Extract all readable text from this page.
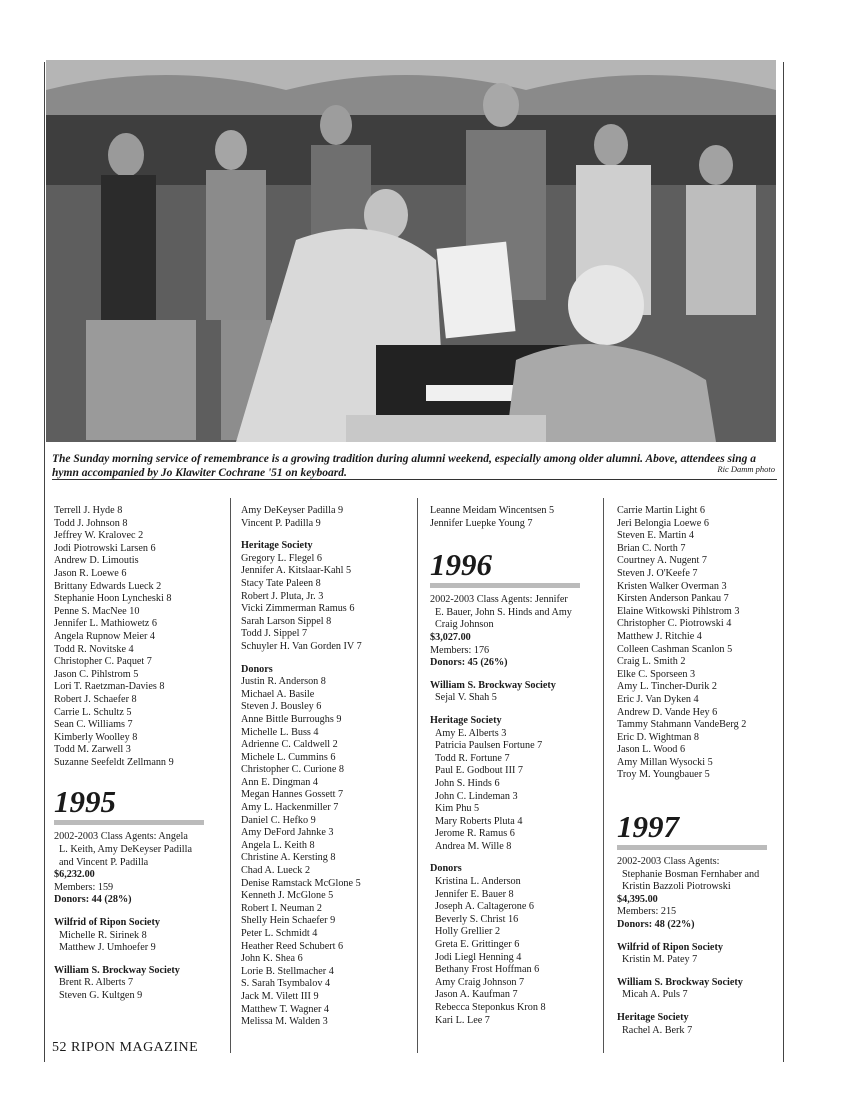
The Sunday morning service of remembrance is a growing tradition during alumni weekend, especially among older alumni. Above, attendees sing a hymn accompanied by Jo Klawiter Cochrane '51 on keyboard.	Ric Damm photo
Terrell J. Hyde 8
Todd J. Johnson 8
Jeffrey W. Kralovec 2
Jodi Piotrowski Larsen 6
Andrew D. Limoutis
Jason R. Loewe 6
Brittany Edwards Lueck 2
Stephanie Hoon Lyncheski 8
Penne S. MacNee 10
Jennifer L. Mathiowetz 6
Angela Rupnow Meier 4
Todd R. Novitske 4
Christopher C. Paquet 7
Jason C. Pihlstrom 5
Lori T. Raetzman-Davies 8
Robert J. Schaefer 8
Carrie L. Schultz 5
Sean C. Williams 7
Kimberly Woolley 8
Todd M. Zarwell 3
Suzanne Seefeldt Zellmann 9
1995
2002-2003 Class Agents: Angela
L. Keith, Amy DeKeyser Padilla
and Vincent P. Padilla
$6,232.00
Members: 159
Donors: 44 (28%)
Wilfrid of Ripon Society
Michelle R. Sirinek 8
Matthew J. Umhoefer 9
William S. Brockway Society
Brent R. Alberts 7
Steven G. Kultgen 9
Amy DeKeyser Padilla 9
Vincent P. Padilla 9
Heritage Society
Gregory L. Flegel 6
Jennifer A. Kitslaar-Kahl 5
Stacy Tate Paleen 8
Robert J. Pluta, Jr. 3
Vicki Zimmerman Ramus 6
Sarah Larson Sippel 8
Todd J. Sippel 7
Schuyler H. Van Gorden IV 7
Donors
Justin R. Anderson 8
Michael A. Basile
Steven J. Bousley 6
Anne Bittle Burroughs 9
Michelle L. Buss 4
Adrienne C. Caldwell 2
Michele L. Cummins 6
Christopher C. Curione 8
Ann E. Dingman 4
Megan Hannes Gossett 7
Amy L. Hackenmiller 7
Daniel C. Hefko 9
Amy DeFord Jahnke 3
Angela L. Keith 8
Christine A. Kersting 8
Chad A. Lueck 2
Denise Ramstack McGlone 5
Kenneth J. McGlone 5
Robert I. Neuman 2
Shelly Hein Schaefer 9
Peter L. Schmidt 4
Heather Reed Schubert 6
John K. Shea 6
Lorie B. Stellmacher 4
S. Sarah Tsymbalov 4
Jack M. Vilett III 9
Matthew T. Wagner 4
Melissa M. Walden 3
Leanne Meidam Wincentsen 5
Jennifer Luepke Young 7
1996
2002-2003 Class Agents: Jennifer
E. Bauer, John S. Hinds and Amy
Craig Johnson
$3,027.00
Members: 176
Donors: 45 (26%)
William S. Brockway Society
Sejal V. Shah 5
Heritage Society
Amy E. Alberts 3
Patricia Paulsen Fortune 7
Todd R. Fortune 7
Paul E. Godbout III 7
John S. Hinds 6
John C. Lindeman 3
Kim Phu 5
Mary Roberts Pluta 4
Jerome R. Ramus 6
Andrea M. Wille 8
Donors
Kristina L. Anderson
Jennifer E. Bauer 8
Joseph A. Caltagerone 6
Beverly S. Christ 16
Holly Grellier 2
Greta E. Grittinger 6
Jodi Liegl Henning 4
Bethany Frost Hoffman 6
Amy Craig Johnson 7
Jason A. Kaufman 7
Rebecca Steponkus Kron 8
Kari L. Lee 7
Carrie Martin Light 6
Jeri Belongia Loewe 6
Steven E. Martin 4
Brian C. North 7
Courtney A. Nugent 7
Steven J. O'Keefe 7
Kristen Walker Overman 3
Kirsten Anderson Pankau 7
Elaine Witkowski Pihlstrom 3
Christopher C. Piotrowski 4
Matthew J. Ritchie 4
Colleen Cashman Scanlon 5
Craig L. Smith 2
Elke C. Sporseen 3
Amy L. Tincher-Durik 2
Eric J. Van Dyken 4
Andrew D. Vande Hey 6
Tammy Stahmann VandeBerg 2
Eric D. Wightman 8
Jason L. Wood 6
Amy Millan Wysocki 5
Troy M. Youngbauer 5
1997
2002-2003 Class Agents:
Stephanie Bosman Fernhaber and
Kristin Bazzoli Piotrowski
$4,395.00
Members: 215
Donors: 48 (22%)
Wilfrid of Ripon Society
Kristin M. Patey 7
William S. Brockway Society
Micah A. Puls 7
Heritage Society
Rachel A. Berk 7
52 RIPON MAGAZINE
